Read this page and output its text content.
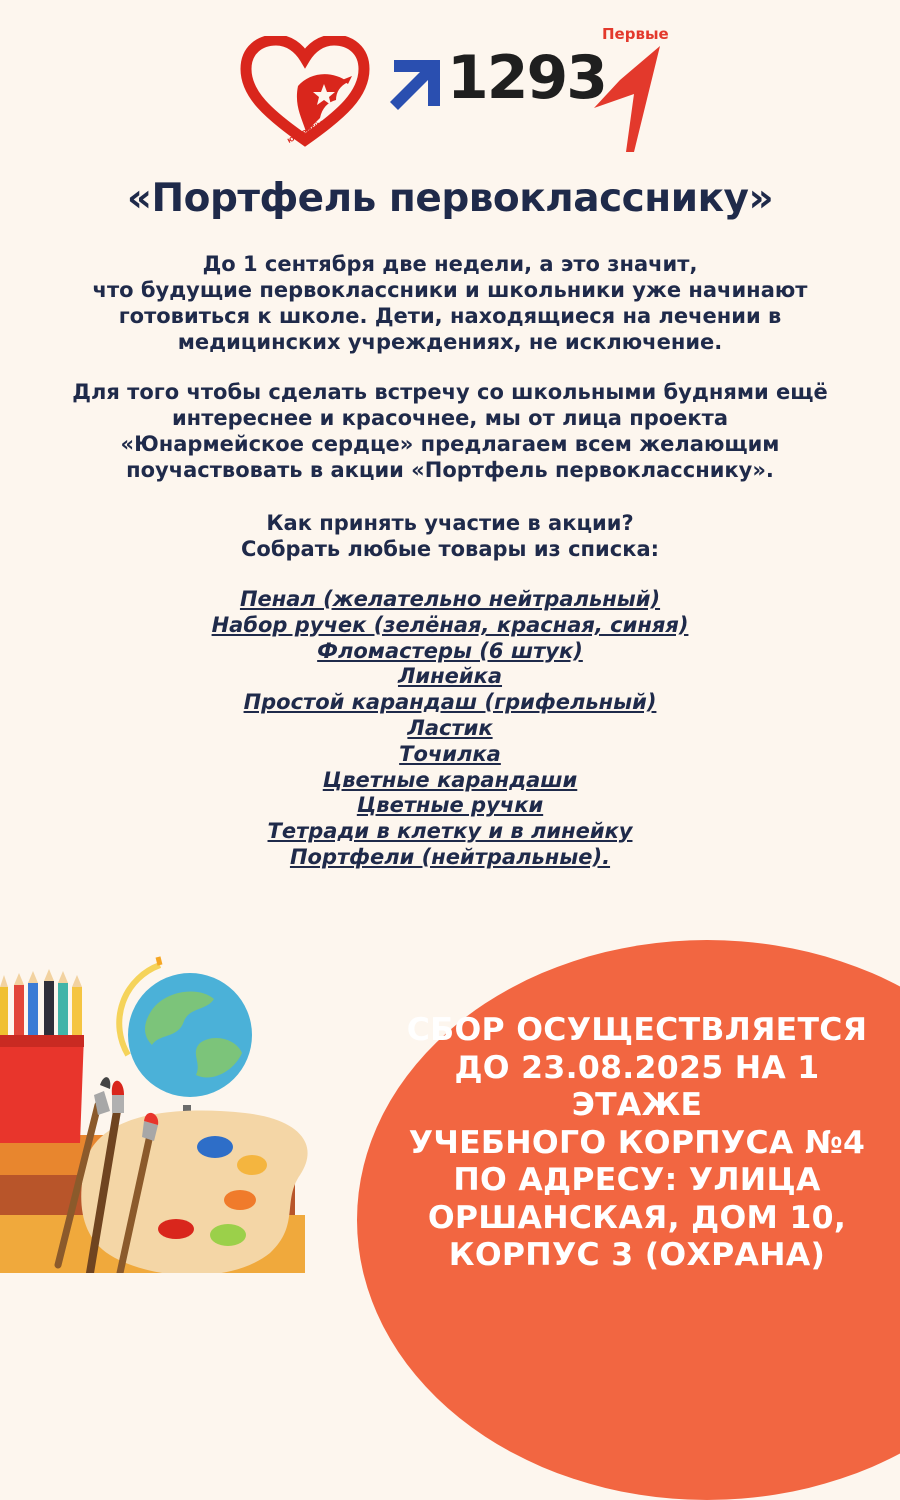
ЮНАРМЕЙСКОЕ СЕРДЦЕ
1293
Первые
«Портфель первокласснику»

До 1 сентября две недели, а это значит,
что будущие первоклассники и школьники уже начинают
готовиться к школе. Дети, находящиеся на лечении в
медицинских учреждениях, не исключение.

Для того чтобы сделать встречу со школьными буднями ещё
интереснее и красочнее, мы от лица проекта
«Юнармейское сердце» предлагаем всем желающим
поучаствовать в акции «Портфель первокласснику».

Как принять участие в акции?
Собрать любые товары из списка:

Пенал (желательно нейтральный)
Набор ручек (зелёная, красная, синяя)
Фломастеры (6 штук)
Линейка
Простой карандаш (грифельный)
Ластик
Точилка
Цветные карандаши
Цветные ручки
Тетради в клетку и в линейку
Портфели (нейтральные).

СБОР ОСУЩЕСТВЛЯЕТСЯ
ДО 23.08.2025 НА 1 ЭТАЖЕ
УЧЕБНОГО КОРПУСА №4
ПО АДРЕСУ: УЛИЦА
ОРШАНСКАЯ, ДОМ 10,
КОРПУС 3 (ОХРАНА)
